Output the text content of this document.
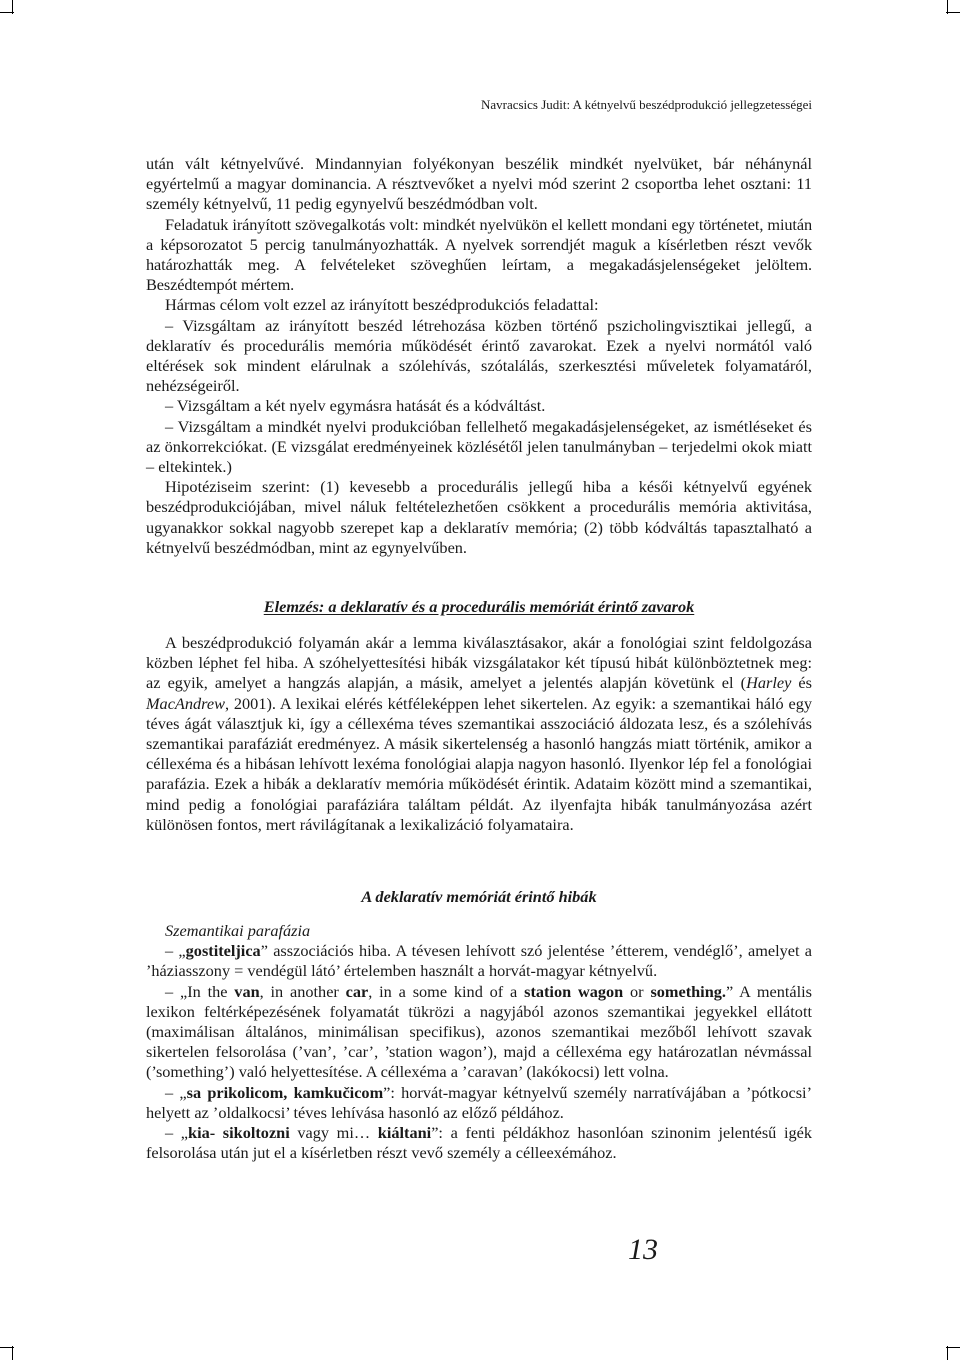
Navracsics Judit: A kétnyelvű beszédprodukció jellegzetességei

után vált kétnyelvűvé. Mindannyian folyékonyan beszélik mindkét nyelvüket, bár néhánynál egyértelmű a magyar dominancia. A résztvevőket a nyelvi mód szerint 2 csoportba lehet osztani: 11 személy kétnyelvű, 11 pedig egynyelvű beszédmódban volt.

Feladatuk irányított szövegalkotás volt: mindkét nyelvükön el kellett mondani egy történetet, miután a képsorozatot 5 percig tanulmányozhatták. A nyelvek sorrendjét maguk a kísérletben részt vevők határozhatták meg. A felvételeket szöveghűen leírtam, a megakadásjelenségeket jelöltem. Beszédtempót mértem.

Hármas célom volt ezzel az irányított beszédprodukciós feladattal:

– Vizsgáltam az irányított beszéd létrehozása közben történő pszicholingvisztikai jellegű, a deklaratív és procedurális memória működését érintő zavarokat. Ezek a nyelvi normától való eltérések sok mindent elárulnak a szólehívás, szótalálás, szerkesztési műveletek folyamatáról, nehézségeiről.

– Vizsgáltam a két nyelv egymásra hatását és a kódváltást.

– Vizsgáltam a mindkét nyelvi produkcióban fellelhető megakadásjelenségeket, az ismétléseket és az önkorrekciókat. (E vizsgálat eredményeinek közlésétől jelen tanulmányban – terjedelmi okok miatt – eltekintek.)

Hipotéziseim szerint: (1) kevesebb a procedurális jellegű hiba a késői kétnyelvű egyének beszédprodukciójában, mivel náluk feltételezhetően csökkent a procedurális memória aktivitása, ugyanakkor sokkal nagyobb szerepet kap a deklaratív memória; (2) több kódváltás tapasztalható a kétnyelvű beszédmódban, mint az egynyelvűben.

Elemzés: a deklaratív és a procedurális memóriát érintő zavarok

A beszédprodukció folyamán akár a lemma kiválasztásakor, akár a fonológiai szint feldolgozása közben léphet fel hiba. A szóhelyettesítési hibák vizsgálatakor két típusú hibát különböztetnek meg: az egyik, amelyet a hangzás alapján, a másik, amelyet a jelentés alapján követünk el (Harley és MacAndrew, 2001). A lexikai elérés kétféleképpen lehet sikertelen. Az egyik: a szemantikai háló egy téves ágát választjuk ki, így a céllexéma téves szemantikai asszociáció áldozata lesz, és a szólehívás szemantikai parafáziát eredményez. A másik sikertelenség a hasonló hangzás miatt történik, amikor a céllexéma és a hibásan lehívott lexéma fonológiai alapja nagyon hasonló. Ilyenkor lép fel a fonológiai parafázia. Ezek a hibák a deklaratív memória működését érintik. Adataim között mind a szemantikai, mind pedig a fonológiai parafáziára találtam példát. Az ilyenfajta hibák tanulmányozása azért különösen fontos, mert rávilágítanak a lexikalizáció folyamataira.

A deklaratív memóriát érintő hibák

Szemantikai parafázia

– „gostiteljica” asszociációs hiba. A tévesen lehívott szó jelentése ’étterem, vendéglő’, amelyet a ’háziasszony = vendégül látó’ értelemben használt a horvát-magyar kétnyelvű.

– „In the van, in another car, in a some kind of a station wagon or something.” A mentális lexikon feltérképezésének folyamatát tükrözi a nagyjából azonos szemantikai jegyekkel ellátott (maximálisan általános, minimálisan specifikus), azonos szemantikai mezőből lehívott szavak sikertelen felsorolása (’van’, ’car’, ’station wagon’), majd a céllexéma egy határozatlan névmással (’something’) való helyettesítése. A céllexéma a ’caravan’ (lakókocsi) lett volna.

– „sa prikolicom, kamkučicom”: horvát-magyar kétnyelvű személy narratívájában a ’pótkocsi’ helyett az ’oldalkocsi’ téves lehívása hasonló az előző példához.

– „kia- sikoltozni vagy mi… kiáltani”: a fenti példákhoz hasonlóan szinonim jelentésű igék felsorolása után jut el a kísérletben részt vevő személy a célleexémához.

13
